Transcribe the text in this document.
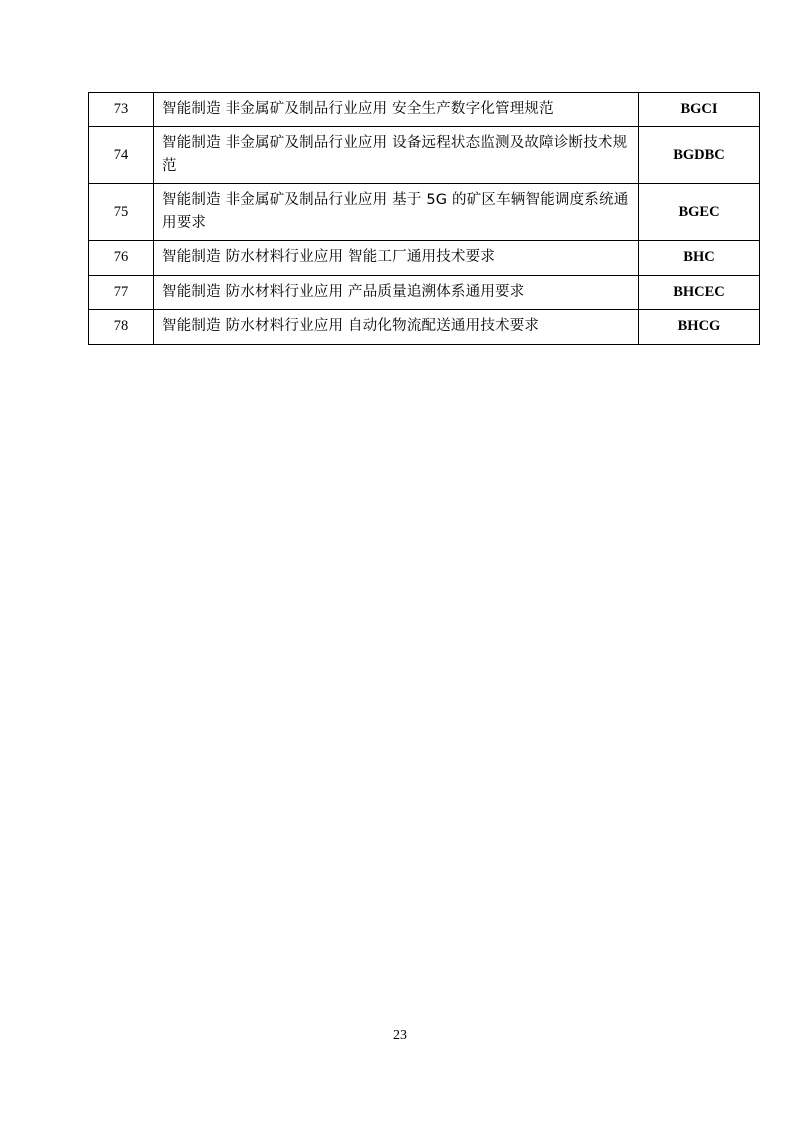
73	智能制造 非金属矿及制品行业应用 安全生产数字化管理规范	BGCI
74	智能制造 非金属矿及制品行业应用 设备远程状态监测及故障诊断技术规范	BGDBC
75	智能制造 非金属矿及制品行业应用 基于 5G 的矿区车辆智能调度系统通用要求	BGEC
76	智能制造 防水材料行业应用 智能工厂通用技术要求	BHC
77	智能制造 防水材料行业应用 产品质量追溯体系通用要求	BHCEC
78	智能制造 防水材料行业应用 自动化物流配送通用技术要求	BHCG
23
